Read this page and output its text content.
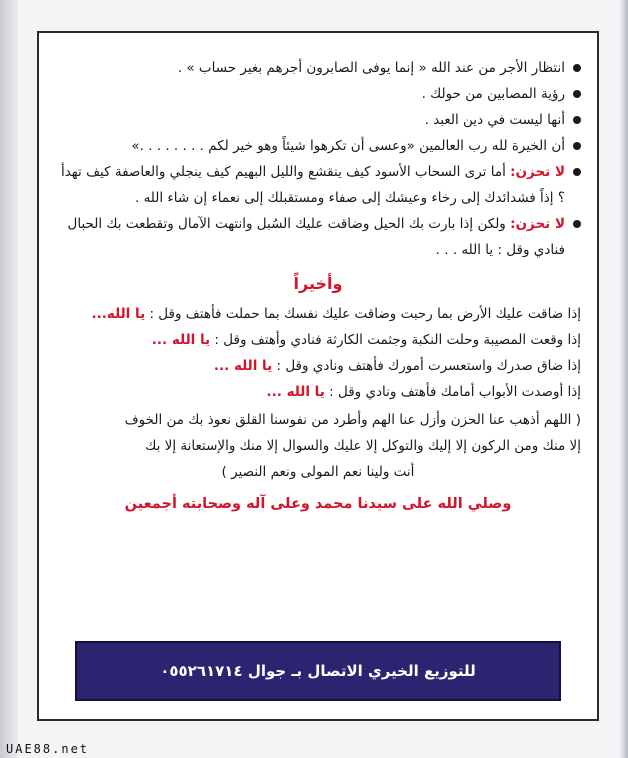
انتظار الأجر من عند الله « إنما يوفى الصابرون أجرهم بغير حساب » .
رؤية المصابين من حولك .
أنها ليست في دين العبد .
أن الخيرة لله رب العالمين «وعسى أن تكرهوا شيئاً وهو خير لكم . . . . . . . .»
لا تحزن: أما ترى السحاب الأسود كيف ينقشع والليل البهيم كيف ينجلي والعاصفة كيف تهدأ ؟ إذاً فشدائدك إلى رخاء وعيشك إلى صفاء ومستقبلك إلى نعماء إن شاء الله .
لا تحزن: ولكن إذا بارت بك الحيل وضاقت عليك السُبل وانتهت الآمال وتقطعت بك الحبال فنادي وقل : يا الله . . .
وأخيراً
إذا ضاقت عليك الأرض بما رحبت وضاقت عليك نفسك بما حملت فأهتف وقل : يا الله...
إذا وقعت المصيبة وحلت النكبة وجثمت الكارثة فنادي وأهتف وقل : يا الله ...
إذا ضاق صدرك واستعسرت أمورك فأهتف ونادي وقل : يا الله ...
إذا أوصدت الأبواب أمامك فأهتف ونادي وقل : يا الله ...
( اللهم أذهب عنا الحزن وأزل عنا الهم وأطرد من نفوسنا القلق نعوذ بك من الخوف
إلا منك ومن الركون إلا إليك والتوكل إلا عليك والسوال إلا منك والإستعانة إلا بك
أنت ولينا نعم المولى ونعم النصير )
وصلي الله على سيدنا محمد وعلى آله وصحابته أجمعين
للتوزيع الخيري الاتصال بـ جوال ٠٥٥٢٦١٧١٤
UAE88.net
